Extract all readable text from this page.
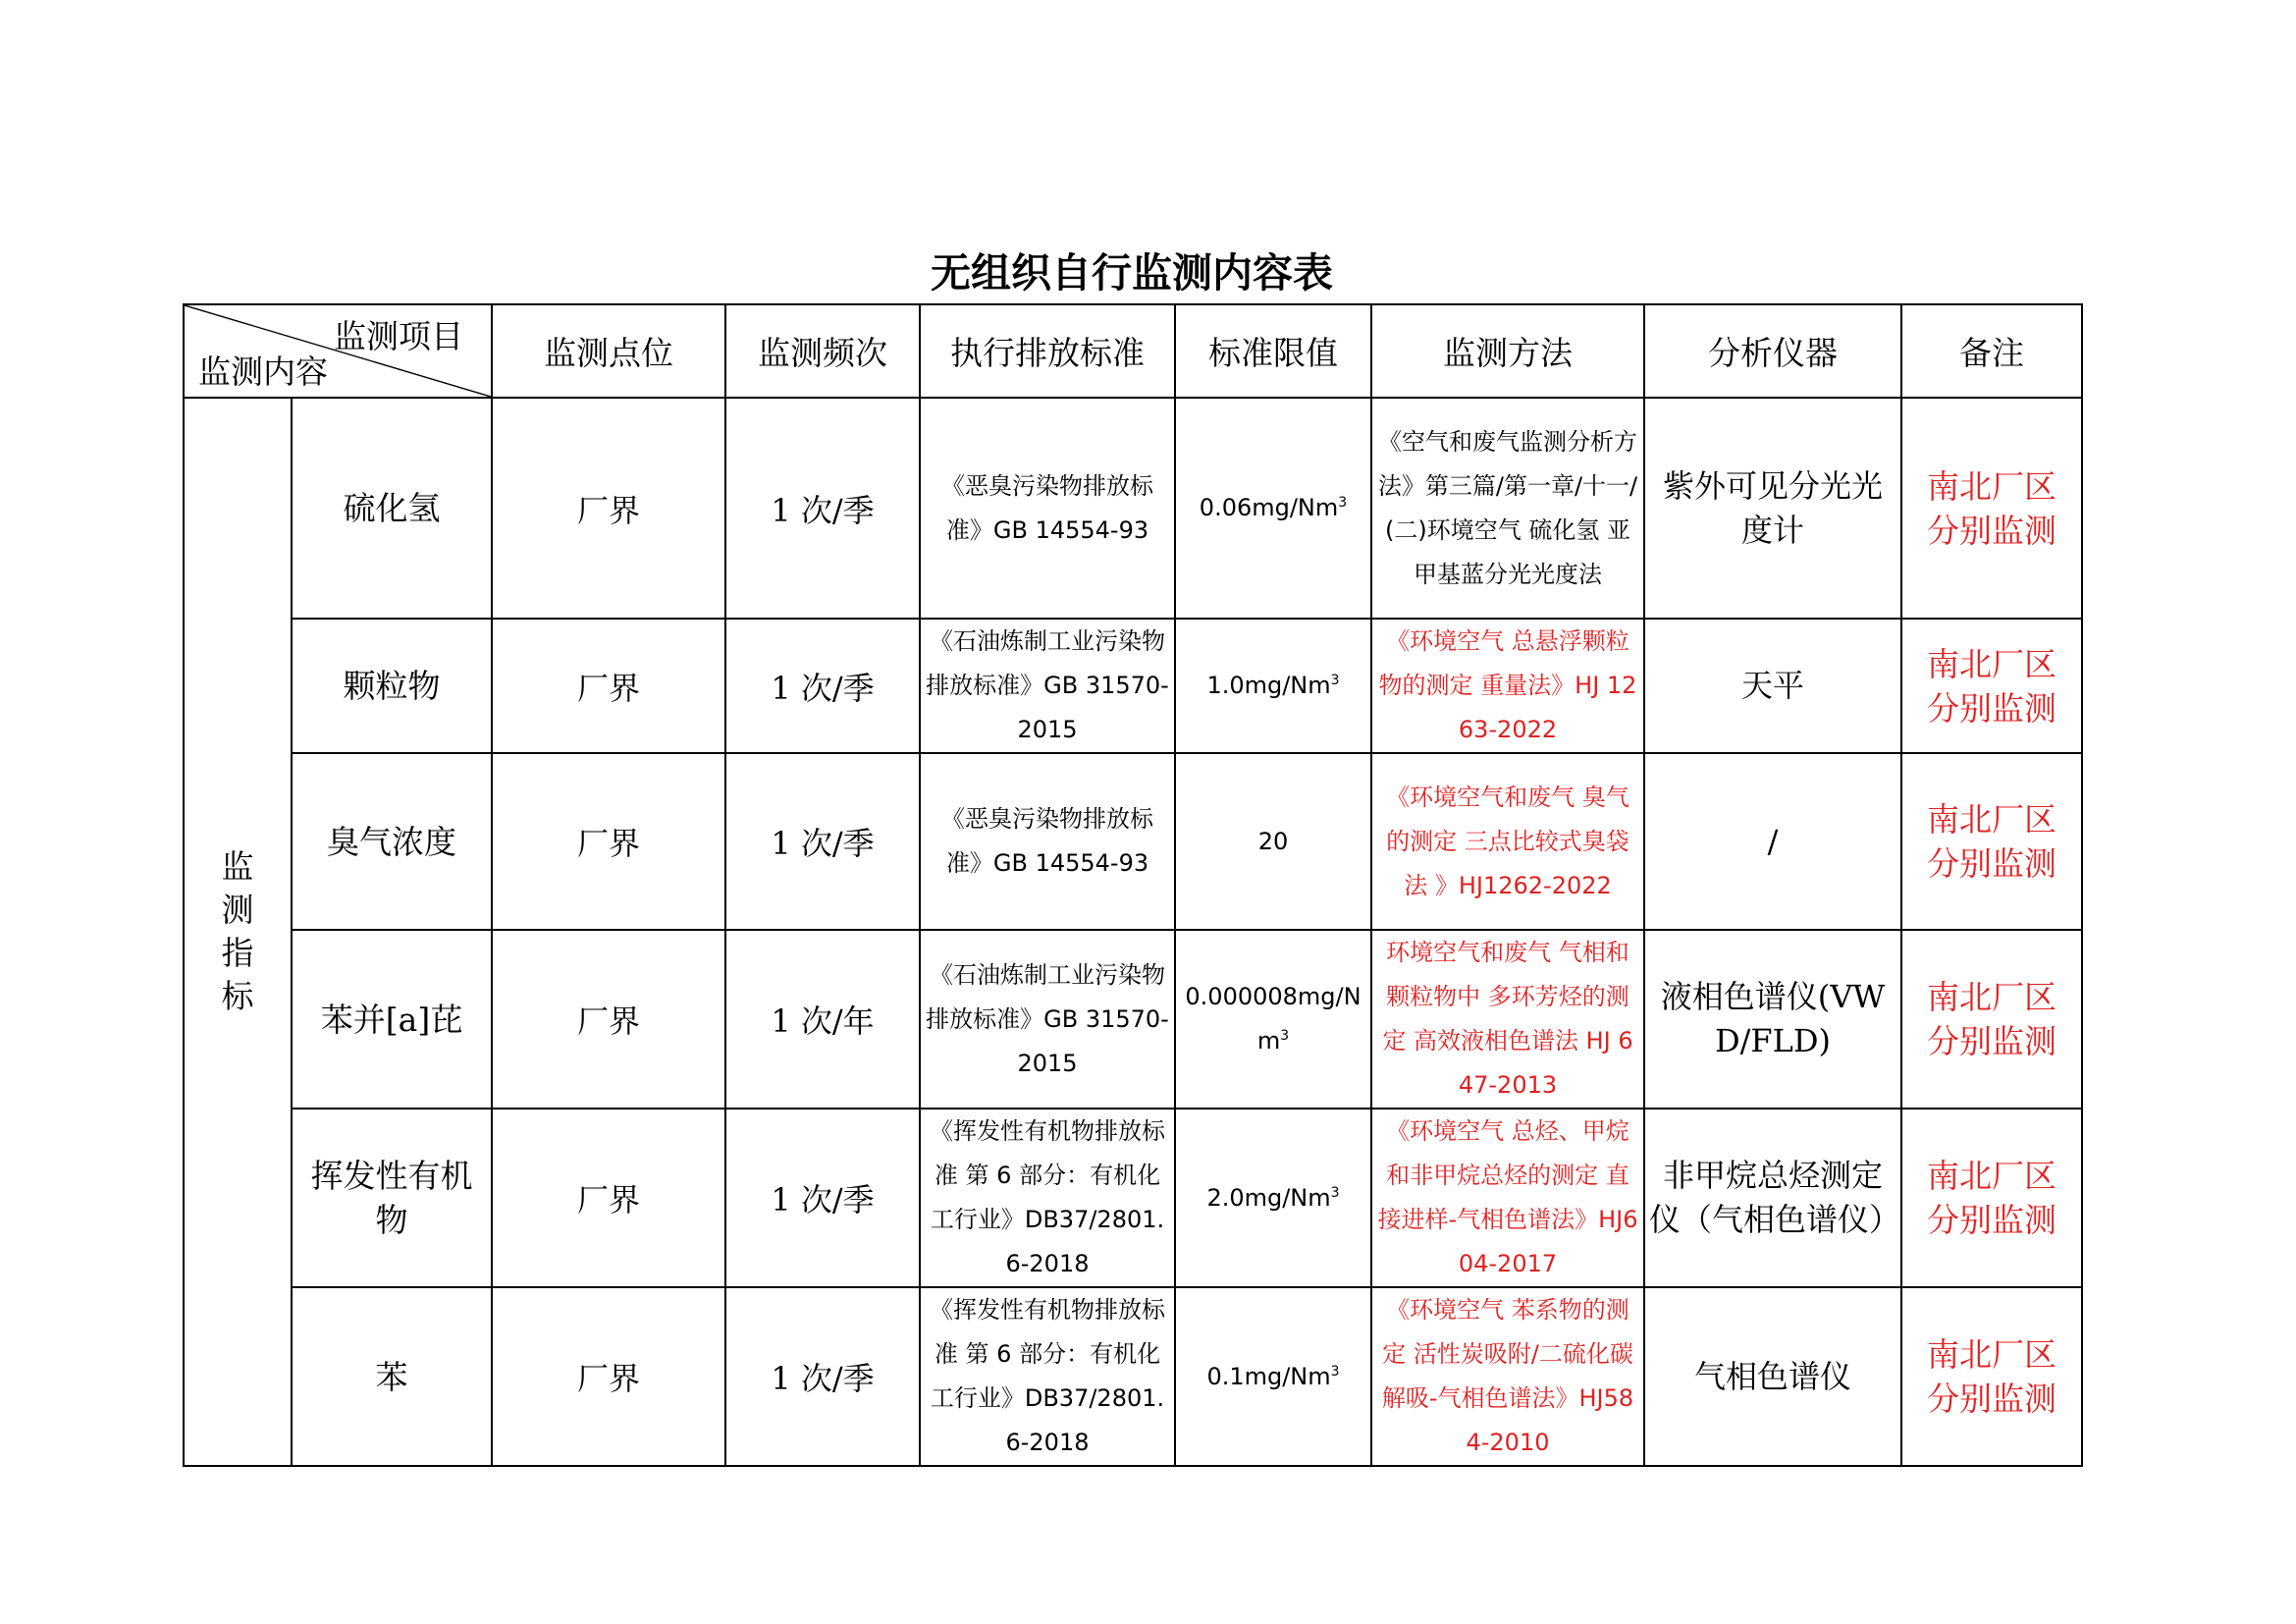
无组织自行监测内容表
监测项目
监测内容		监测点位	监测频次	执行排放标准	标准限值	监测方法	分析仪器	备注

监测指标	硫化氢	厂界	1 次/季	《恶臭污染物排放标准》GB 14554-93	0.06mg/Nm$^3$	《空气和废气监测分析方法》第三篇/第一章/十一/(二)环境空气 硫化氢 亚甲基蓝分光光度法	紫外可见分光光度计	南北厂区分别监测
	颗粒物	厂界	1 次/季	《石油炼制工业污染物排放标准》GB 31570-2015	1.0mg/Nm$^3$	《环境空气 总悬浮颗粒物的测定 重量法》HJ 1263-2022	天平	南北厂区分别监测
	臭气浓度	厂界	1 次/季	《恶臭污染物排放标准》GB 14554-93	20	《环境空气和废气 臭气的测定 三点比较式臭袋法 》HJ1262-2022	/	南北厂区分别监测
	苯并[a]芘	厂界	1 次/年	《石油炼制工业污染物排放标准》GB 31570-2015	0.000008mg/Nm$^3$	环境空气和废气 气相和颗粒物中 多环芳烃的测定 高效液相色谱法 HJ 647-2013	液相色谱仪(VWD/FLD)	南北厂区分别监测
	挥发性有机物	厂界	1 次/季	《挥发性有机物排放标准 第 6 部分：有机化工行业》DB37/2801.6-2018	2.0mg/Nm$^3$	《环境空气 总烃、甲烷和非甲烷总烃的测定 直接进样-气相色谱法》HJ604-2017	非甲烷总烃测定仪（气相色谱仪）	南北厂区分别监测
	苯	厂界	1 次/季	《挥发性有机物排放标准 第 6 部分：有机化工行业》DB37/2801.6-2018	0.1mg/Nm$^3$	《环境空气 苯系物的测定 活性炭吸附/二硫化碳解吸-气相色谱法》HJ584-2010	气相色谱仪	南北厂区分别监测
